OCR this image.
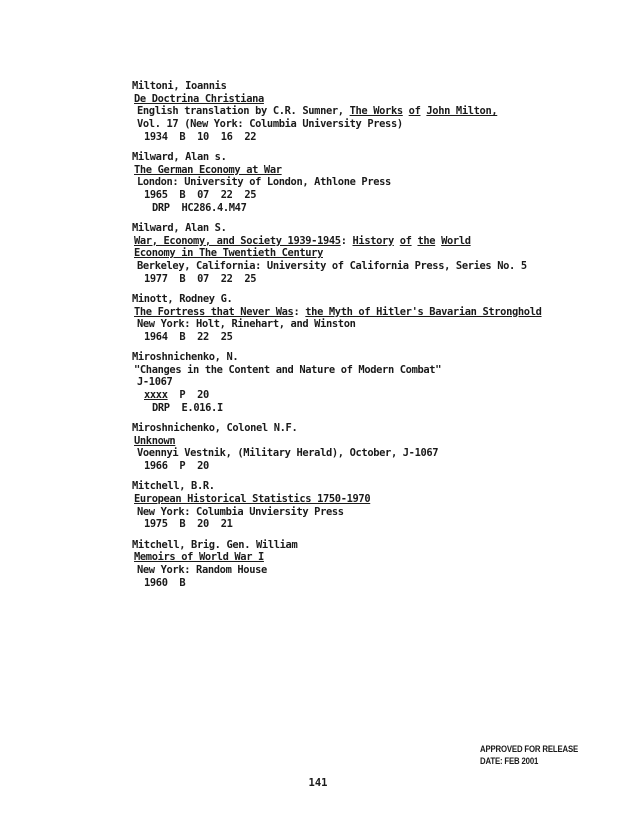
Miltoni, Ioannis
De Doctrina Christiana
English translation by C.R. Sumner, The Works of John Milton,
Vol. 17 (New York: Columbia University Press)
1934  B  10  16  22
Milward, Alan s.
The German Economy at War
London: University of London, Athlone Press
1965  B  07  22  25
DRP  HC286.4.M47
Milward, Alan S.
War, Economy, and Society 1939-1945: History of the World
Economy in The Twentieth Century
Berkeley, California: University of California Press, Series No. 5
1977  B  07  22  25
Minott, Rodney G.
The Fortress that Never Was: the Myth of Hitler's Bavarian Stronghold
New York: Holt, Rinehart, and Winston
1964  B  22  25
Miroshnichenko, N.
"Changes in the Content and Nature of Modern Combat"
J-1067
xxxx  P  20
DRP  E.016.I
Miroshnichenko, Colonel N.F.
Unknown
Voennyi Vestnik, (Military Herald), October, J-1067
1966  P  20
Mitchell, B.R.
European Historical Statistics 1750-1970
New York: Columbia Unviersity Press
1975  B  20  21
Mitchell, Brig. Gen. William
Memoirs of World War I
New York: Random House
1960  B
APPROVED FOR RELEASE
DATE: FEB 2001
141
